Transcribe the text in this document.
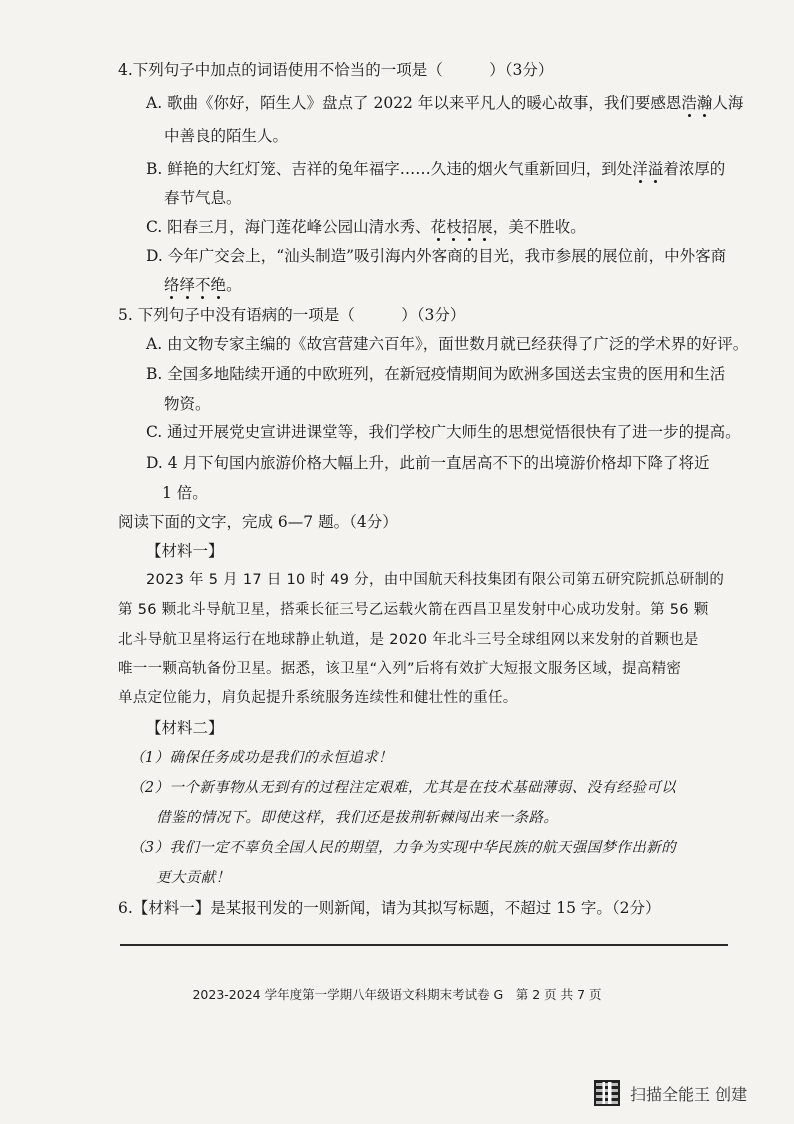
4.下列句子中加点的词语使用不恰当的一项是（　　　）（3分）
A. 歌曲《你好，陌生人》盘点了 2022 年以来平凡人的暖心故事，我们要感恩浩瀚人海
中善良的陌生人。
B. 鲜艳的大红灯笼、吉祥的兔年福字……久违的烟火气重新回归，到处洋溢着浓厚的
春节气息。
C. 阳春三月，海门莲花峰公园山清水秀、花枝招展，美不胜收。
D. 今年广交会上，“汕头制造”吸引海内外客商的目光，我市参展的展位前，中外客商
络绎不绝。
5. 下列句子中没有语病的一项是（　　　）（3分）
A. 由文物专家主编的《故宫营建六百年》，面世数月就已经获得了广泛的学术界的好评。
B. 全国多地陆续开通的中欧班列，在新冠疫情期间为欧洲多国送去宝贵的医用和生活
物资。
C. 通过开展党史宣讲进课堂等，我们学校广大师生的思想觉悟很快有了进一步的提高。
D. 4 月下旬国内旅游价格大幅上升，此前一直居高不下的出境游价格却下降了将近
1 倍。
阅读下面的文字，完成 6—7 题。（4分）
【材料一】
2023 年 5 月 17 日 10 时 49 分，由中国航天科技集团有限公司第五研究院抓总研制的
第 56 颗北斗导航卫星，搭乘长征三号乙运载火箭在西昌卫星发射中心成功发射。第 56 颗
北斗导航卫星将运行在地球静止轨道，是 2020 年北斗三号全球组网以来发射的首颗也是
唯一一颗高轨备份卫星。据悉，该卫星“入列”后将有效扩大短报文服务区域，提高精密
单点定位能力，肩负起提升系统服务连续性和健壮性的重任。
【材料二】
（1）确保任务成功是我们的永恒追求！
（2）一个新事物从无到有的过程注定艰难，尤其是在技术基础薄弱、没有经验可以
借鉴的情况下。即使这样，我们还是拔荆斩棘闯出来一条路。
（3）我们一定不辜负全国人民的期望，力争为实现中华民族的航天强国梦作出新的
更大贡献！
6.【材料一】是某报刊发的一则新闻，请为其拟写标题，不超过 15 字。（2分）
2023-2024 学年度第一学期八年级语文科期末考试卷 G　第 2 页 共 7 页
扫描全能王 创建
